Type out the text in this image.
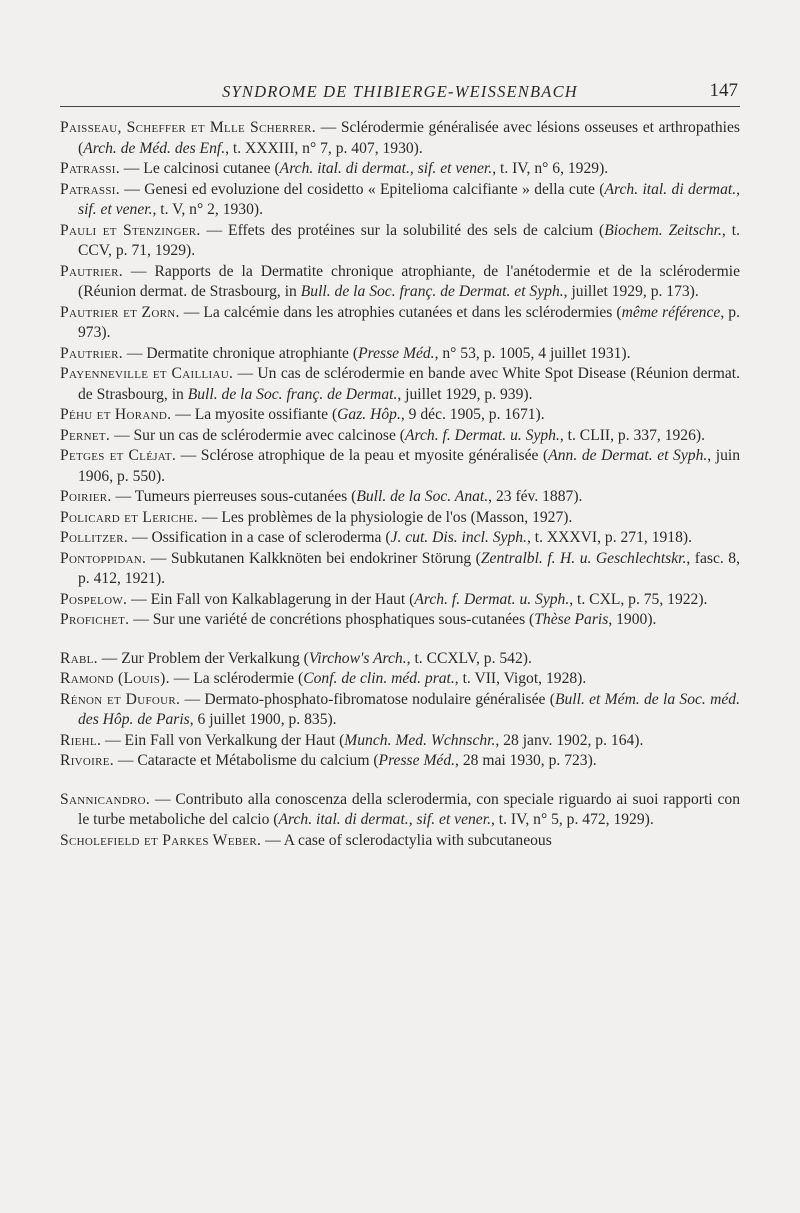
SYNDROME DE THIBIERGE-WEISSENBACH	147

Paisseau, Scheffer et Mlle Scherrer. — Sclérodermie généralisée avec lésions osseuses et arthropathies (Arch. de Méd. des Enf., t. XXXIII, n° 7, p. 407, 1930).

Patrassi. — Le calcinosi cutanee (Arch. ital. di dermat., sif. et vener., t. IV, n° 6, 1929).

Patrassi. — Genesi ed evoluzione del cosidetto « Epitelioma calcifiante » della cute (Arch. ital. di dermat., sif. et vener., t. V, n° 2, 1930).

Pauli et Stenzinger. — Effets des protéines sur la solubilité des sels de calcium (Biochem. Zeitschr., t. CCV, p. 71, 1929).

Pautrier. — Rapports de la Dermatite chronique atrophiante, de l'anétodermie et de la sclérodermie (Réunion dermat. de Strasbourg, in Bull. de la Soc. franç. de Dermat. et Syph., juillet 1929, p. 173).

Pautrier et Zorn. — La calcémie dans les atrophies cutanées et dans les sclérodermies (même référence, p. 973).

Pautrier. — Dermatite chronique atrophiante (Presse Méd., n° 53, p. 1005, 4 juillet 1931).

Payenneville et Cailliau. — Un cas de sclérodermie en bande avec White Spot Disease (Réunion dermat. de Strasbourg, in Bull. de la Soc. franç. de Dermat., juillet 1929, p. 939).

Péhu et Horand. — La myosite ossifiante (Gaz. Hôp., 9 déc. 1905, p. 1671).

Pernet. — Sur un cas de sclérodermie avec calcinose (Arch. f. Dermat. u. Syph., t. CLII, p. 337, 1926).

Petges et Cléjat. — Sclérose atrophique de la peau et myosite généralisée (Ann. de Dermat. et Syph., juin 1906, p. 550).

Poirier. — Tumeurs pierreuses sous-cutanées (Bull. de la Soc. Anat., 23 fév. 1887).

Policard et Leriche. — Les problèmes de la physiologie de l'os (Masson, 1927).

Pollitzer. — Ossification in a case of scleroderma (J. cut. Dis. incl. Syph., t. XXXVI, p. 271, 1918).

Pontoppidan. — Subkutanen Kalkknöten bei endokriner Störung (Zentralbl. f. H. u. Geschlechtskr., fasc. 8, p. 412, 1921).

Pospelow. — Ein Fall von Kalkablagerung in der Haut (Arch. f. Dermat. u. Syph., t. CXL, p. 75, 1922).

Profichet. — Sur une variété de concrétions phosphatiques sous-cutanées (Thèse Paris, 1900).

Rabl. — Zur Problem der Verkalkung (Virchow's Arch., t. CCXLV, p. 542).

Ramond (Louis). — La sclérodermie (Conf. de clin. méd. prat., t. VII, Vigot, 1928).

Rénon et Dufour. — Dermato-phosphato-fibromatose nodulaire généralisée (Bull. et Mém. de la Soc. méd. des Hôp. de Paris, 6 juillet 1900, p. 835).

Riehl. — Ein Fall von Verkalkung der Haut (Munch. Med. Wchnschr., 28 janv. 1902, p. 164).

Rivoire. — Cataracte et Métabolisme du calcium (Presse Méd., 28 mai 1930, p. 723).

Sannicandro. — Contributo alla conoscenza della sclerodermia, con speciale riguardo ai suoi rapporti con le turbe metaboliche del calcio (Arch. ital. di dermat., sif. et vener., t. IV, n° 5, p. 472, 1929).

Scholefield et Parkes Weber. — A case of sclerodactylia with subcutaneous
